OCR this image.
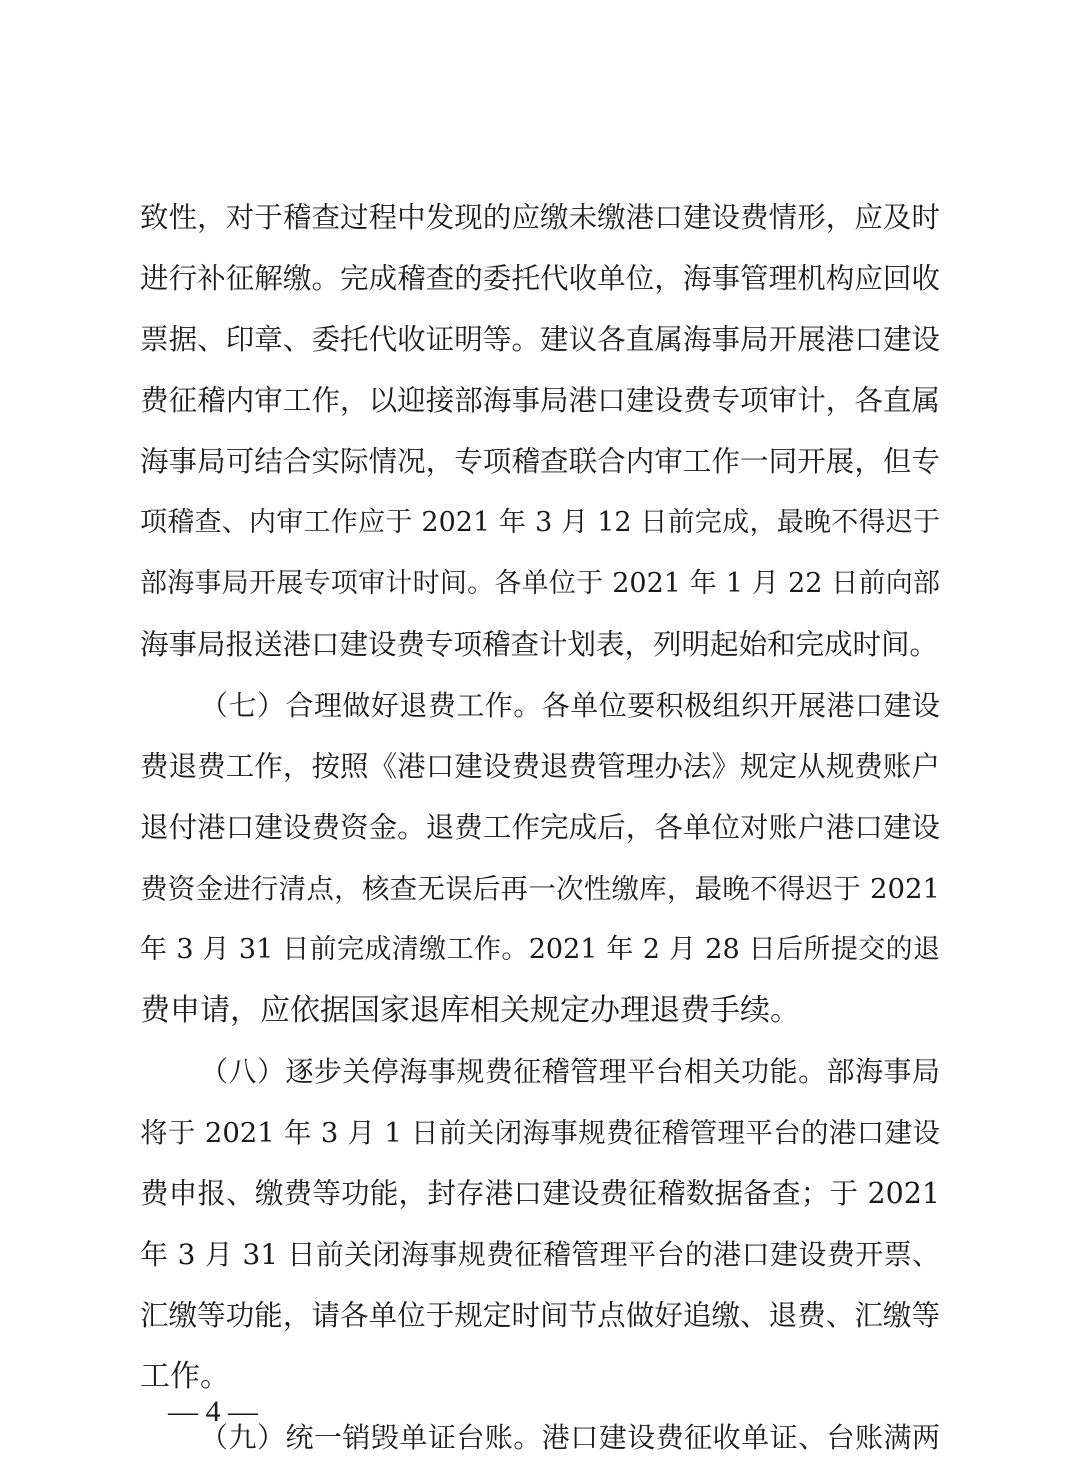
致性，对于稽查过程中发现的应缴未缴港口建设费情形，应及时
进行补征解缴。完成稽查的委托代收单位，海事管理机构应回收
票据、印章、委托代收证明等。建议各直属海事局开展港口建设
费征稽内审工作，以迎接部海事局港口建设费专项审计，各直属
海事局可结合实际情况，专项稽查联合内审工作一同开展，但专
项稽查、内审工作应于 2021 年 3 月 12 日前完成，最晚不得迟于
部海事局开展专项审计时间。各单位于 2021 年 1 月 22 日前向部
海事局报送港口建设费专项稽查计划表，列明起始和完成时间。
（七）合理做好退费工作。各单位要积极组织开展港口建设
费退费工作，按照《港口建设费退费管理办法》规定从规费账户
退付港口建设费资金。退费工作完成后，各单位对账户港口建设
费资金进行清点，核查无误后再一次性缴库，最晚不得迟于 2021
年 3 月 31 日前完成清缴工作。2021 年 2 月 28 日后所提交的退
费申请，应依据国家退库相关规定办理退费手续。
（八）逐步关停海事规费征稽管理平台相关功能。部海事局
将于 2021 年 3 月 1 日前关闭海事规费征稽管理平台的港口建设
费申报、缴费等功能，封存港口建设费征稽数据备查；于 2021
年 3 月 31 日前关闭海事规费征稽管理平台的港口建设费开票、
汇缴等功能，请各单位于规定时间节点做好追缴、退费、汇缴等
工作。
（九）统一销毁单证台账。港口建设费征收单证、台账满两
— 4 —
